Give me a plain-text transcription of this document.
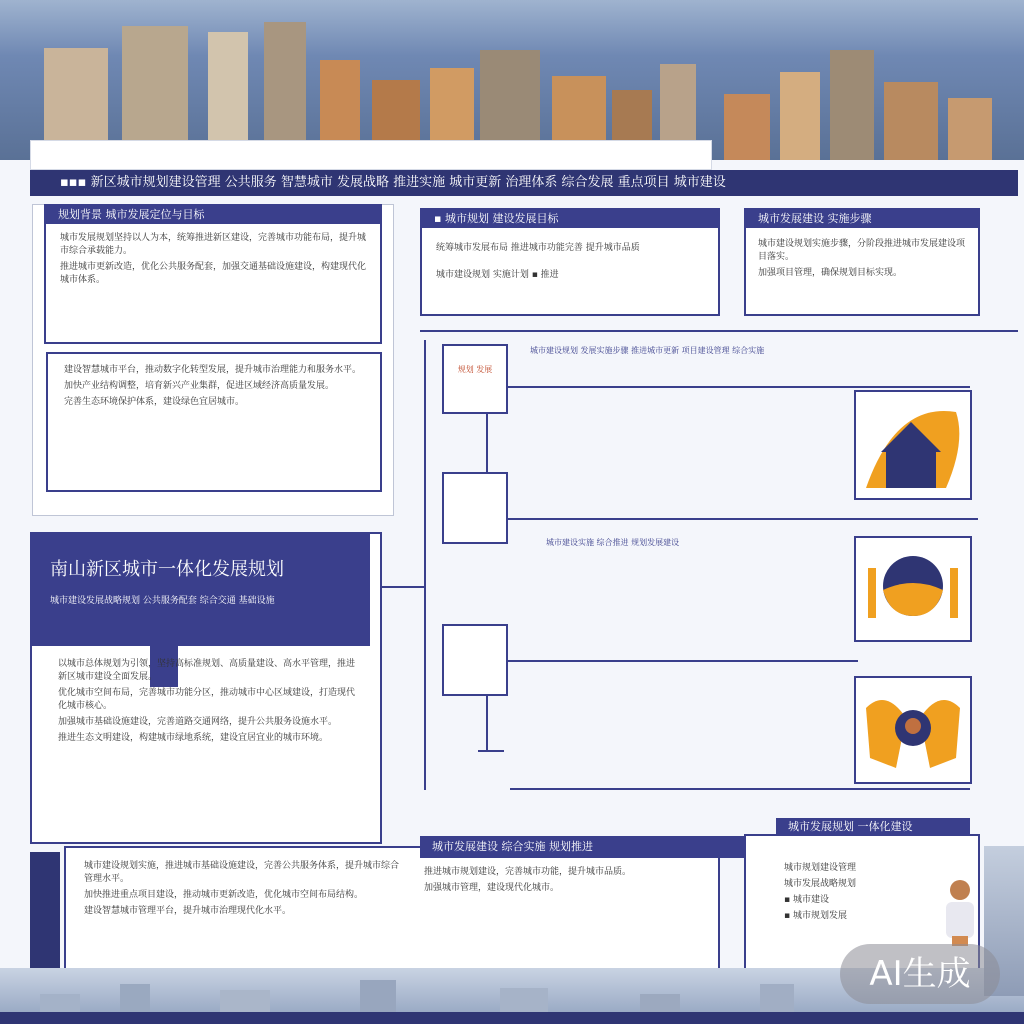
▪▪▪ 新区城市规划建设管理 公共服务 智慧城市 发展战略 推进实施 城市更新 治理体系 综合发展 重点项目 城市建设
规划背景 城市发展定位与目标

城市发展规划坚持以人为本，统筹推进新区建设，完善城市功能布局，提升城市综合承载能力。

推进城市更新改造，优化公共服务配套，加强交通基础设施建设，构建现代化城市体系。

建设智慧城市平台，推动数字化转型发展，提升城市治理能力和服务水平。

加快产业结构调整，培育新兴产业集群，促进区域经济高质量发展。

完善生态环境保护体系，建设绿色宜居城市。

南山新区城市一体化发展规划
城市建设发展战略规划 公共服务配套 综合交通 基础设施

以城市总体规划为引领，坚持高标准规划、高质量建设、高水平管理，推进新区城市建设全面发展。

优化城市空间布局，完善城市功能分区，推动城市中心区域建设，打造现代化城市核心。

加强城市基础设施建设，完善道路交通网络，提升公共服务设施水平。

推进生态文明建设，构建城市绿地系统，建设宜居宜业的城市环境。

▪ 城市规划 建设发展目标

统筹城市发展布局 推进城市功能完善 提升城市品质

城市建设规划 实施计划 ▪ 推进

城市发展建设 实施步骤

城市建设规划实施步骤，分阶段推进城市发展建设项目落实。

加强项目管理，确保规划目标实现。

规划 发展
城市建设规划 发展实施步骤 推进城市更新 项目建设管理 综合实施
城市建设实施 综合推进 规划发展建设

城市建设规划实施，推进城市基础设施建设，完善公共服务体系，提升城市综合管理水平。

加快推进重点项目建设，推动城市更新改造，优化城市空间布局结构。

建设智慧城市管理平台，提升城市治理现代化水平。

城市发展建设 综合实施 规划推进

推进城市规划建设，完善城市功能，提升城市品质。

加强城市管理，建设现代化城市。

城市发展规划 一体化建设

城市规划建设管理

城市发展战略规划

▪ 城市建设

▪ 城市规划发展

AI生成
